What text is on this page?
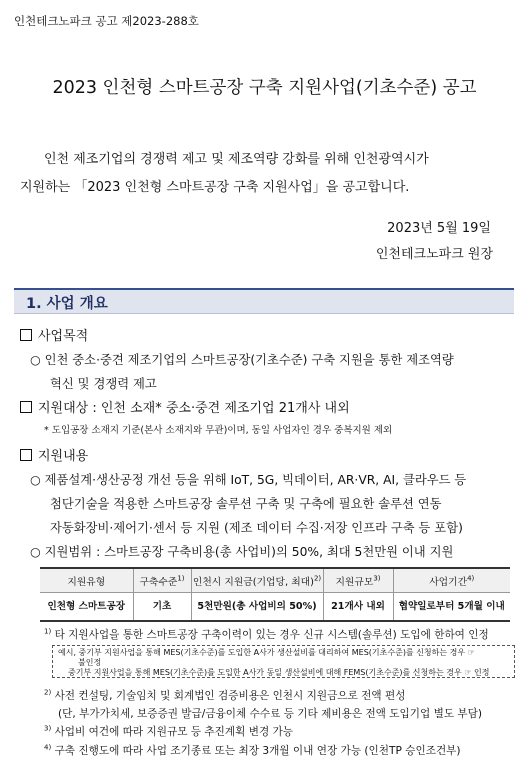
인천테크노파크 공고 제2023-288호
2023 인천형 스마트공장 구축 지원사업(기초수준) 공고
인천 제조기업의 경쟁력 제고 및 제조역량 강화를 위해 인천광역시가
지원하는 「2023 인천형 스마트공장 구축 지원사업」을 공고합니다.
2023년 5월 19일
인천테크노파크 원장
1. 사업 개요
사업목적
○ 인천 중소·중견 제조기업의 스마트공장(기초수준) 구축 지원을 통한 제조역량
혁신 및 경쟁력 제고
지원대상 : 인천 소재* 중소·중견 제조기업 21개사 내외
* 도입공장 소재지 기준(본사 소재지와 무관)이며, 동일 사업자인 경우 중복지원 제외
지원내용
○ 제품설계·생산공정 개선 등을 위해 IoT, 5G, 빅데이터, AR·VR, AI, 클라우드 등
첨단기술을 적용한 스마트공장 솔루션 구축 및 구축에 필요한 솔루션 연동
자동화장비·제어기·센서 등 지원 (제조 데이터 수집·저장 인프라 구축 등 포함)
○ 지원범위 : 스마트공장 구축비용(총 사업비)의 50%, 최대 5천만원 이내 지원
지원유형	구축수준$^{1)}$	인천시 지원금(기업당, 최대)$^{2)}$	지원규모$^{3)}$	사업기간$^{4)}$
인천형 스마트공장	기초	5천만원(총 사업비의 50%)	21개사 내외	협약일로부터 5개월 이내
$^{1)}$ 타 지원사업을 통한 스마트공장 구축이력이 있는 경우 신규 시스템(솔루션) 도입에 한하여 인정
예시, 중기부 지원사업을 통해 MES(기초수준)를 도입한 A사가 생산설비를 대리하여 MES(기초수준)를 신청하는 경우 ☞
불인정
중기부 지원사업을 통해 MES(기초수준)를 도입한 A사가 동일 생산설비에 대해 FEMS(기초수준)를 신청하는 경우 ☞ 인정
$^{2)}$ 사전 컨설팅, 기술임치 및 회계법인 검증비용은 인천시 지원금으로 전액 편성
(단, 부가가치세, 보증증권 발급/금융이체 수수료 등 기타 제비용은 전액 도입기업 별도 부담)
$^{3)}$ 사업비 여건에 따라 지원규모 등 추진계획 변경 가능
$^{4)}$ 구축 진행도에 따라 사업 조기종료 또는 최장 3개월 이내 연장 가능 (인천TP 승인조건부)
